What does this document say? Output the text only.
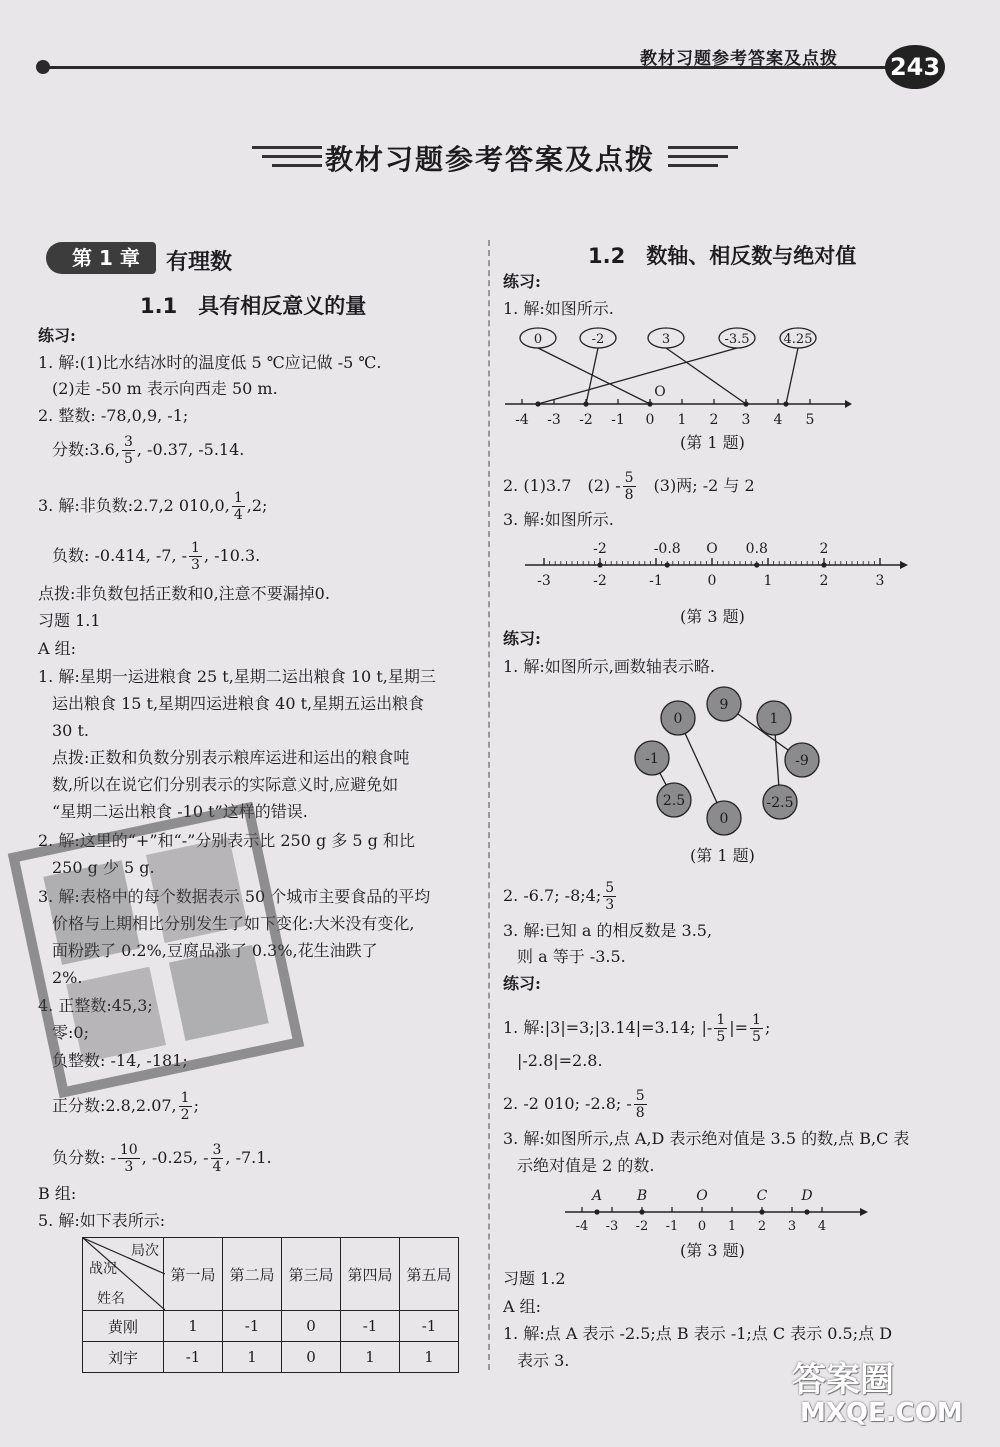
教材习题参考答案及点拨 243
教材习题参考答案及点拨
第 1 章	有理数
1.1　具有相反意义的量
练习:
1. 解:(1)比水结冰时的温度低 5 ℃应记做 -5 ℃.
(2)走 -50 m 表示向西走 50 m.
2. 整数: -78,0,9, -1;
分数:3.6, $\frac{3}{5}$ , -0.37, -5.14.
3. 解:非负数:2.7,2 010,0, $\frac{1}{4} ,2$;
负数: -0.414, -7, - $\frac{1}{3}$ , -10.3.
点拨:非负数包括正数和0,注意不要漏掉0.
习题 1.1
A 组:
1. 解:星期一运进粮食 25 t,星期二运出粮食 10 t,星期三
运出粮食 15 t,星期四运进粮食 40 t,星期五运出粮食
30 t.
点拨:正数和负数分别表示粮库运进和运出的粮食吨
数,所以在说它们分别表示的实际意义时,应避免如
“星期二运出粮食 -10 t”这样的错误.
2. 解:这里的“+”和“-”分别表示比 250 g 多 5 g 和比
250 g 少 5 g.
3. 解:表格中的每个数据表示 50 个城市主要食品的平均
价格与上期相比分别发生了如下变化:大米没有变化,
面粉跌了 0.2%,豆腐品涨了 0.3%,花生油跌了
2%.
4. 正整数:45,3;
零:0;
负整数: -14, -181;
正分数:2.8,2.07, $\frac{1}{2}$ ;
负分数: - $\frac{10}{3}$ , -0.25, - $\frac{3}{4}$ , -7.1.
B 组:
5. 解:如下表所示:
局次
战况
姓名	第一局	第二局	第三局	第四局	第五局
黄刚	1	-1	0	-1	-1
刘宇	-1	1	0	1	1
1.2　数轴、相反数与绝对值
练习:
1. 解:如图所示.
-4 -3 -2 -1 0 1 2 3 4 5
O
0	-2	3	-3.5	4.25
(第 1 题)
2. (1)3.7　$(2) - \frac{5}{8}$ 　(3)两; -2 与 2
3. 解:如图所示.
-3	-2	-1	0	1	2	3
-2	-0.8 O 0.8	2
(第 3 题)
练习:
1. 解:如图所示,画数轴表示略.
9
0	1
-1	-9
2.5	-2.5
0
(第 1 题)
2. -6.7; -8;4; $\frac{5}{3}$
3. 解:已知 a 的相反数是 3.5,
则 a 等于 -3.5.
练习:
1. 解:|3|=3;|3.14|=3.14; |- $\frac{1}{5}$ |= $\frac{1}{5}$ ;
|-2.8|=2.8.
2. -2 010; -2.8; - $\frac{5}{8}$
3. 解:如图所示,点 A,D 表示绝对值是 3.5 的数,点 B,C 表
示绝对值是 2 的数.
-4 -3 -2 -1 0 1 2 3 4
A B	O	C D
(第 3 题)
习题 1.2
A 组:
1. 解:点 A 表示 -2.5;点 B 表示 -1;点 C 表示 0.5;点 D
表示 3.	答案圈
MXQE.COM
